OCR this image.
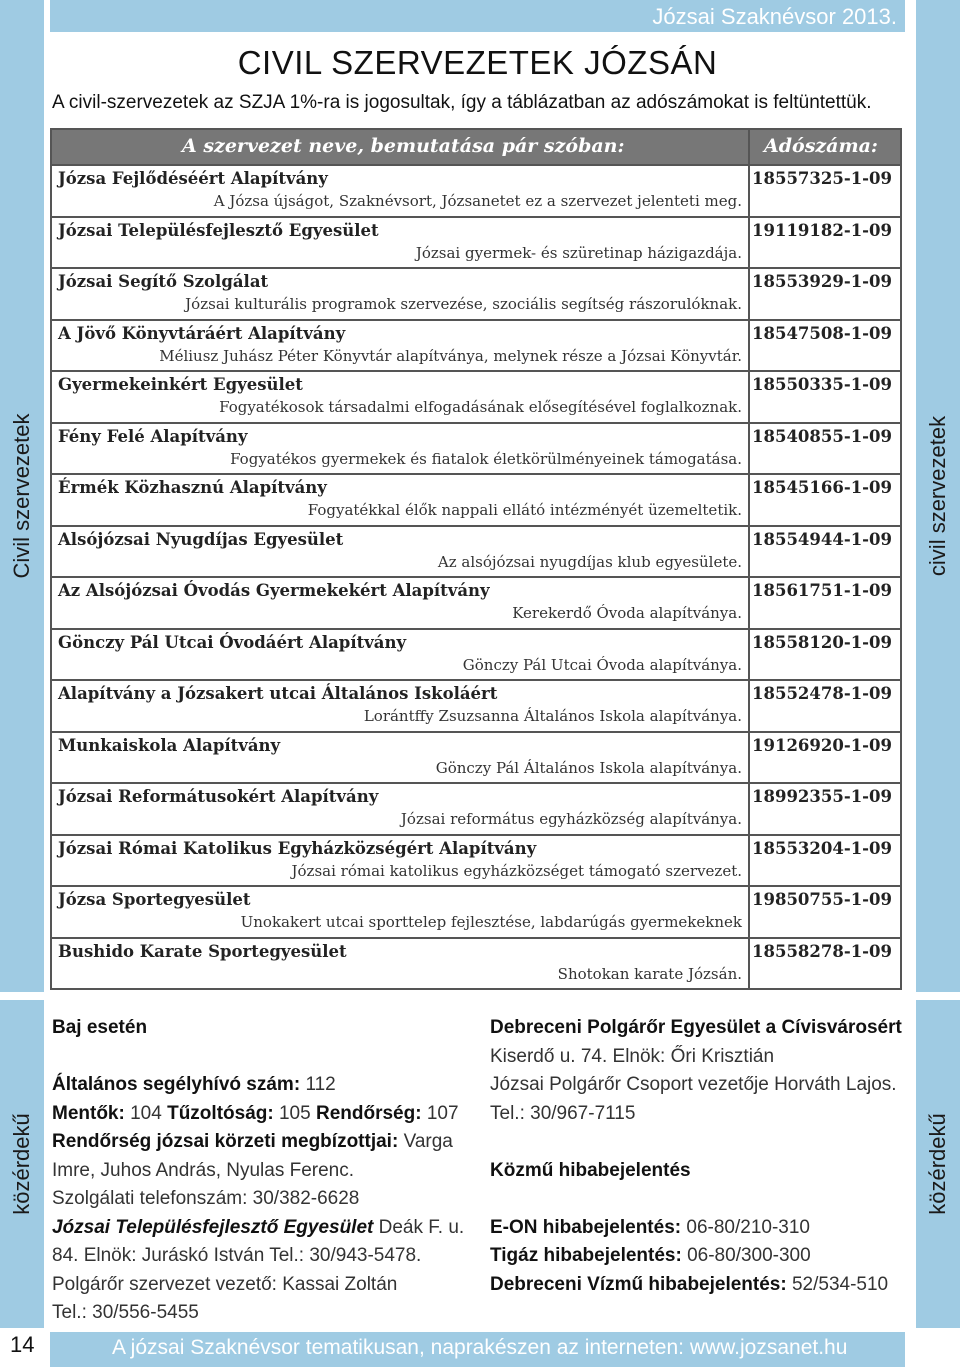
Civil szervezetek	civil szervezetek
közérdekű	közérdekű
Józsai Szaknévsor 2013.
CIVIL SZERVEZETEK JÓZSÁN

A civil-szervezetek az SZJA 1%-ra is jogosultak, így a táblázatban az adószámokat is feltüntettük.

A szervezet neve, bemutatása pár szóban:	Adószáma:
Józsa Fejlődéséért Alapítvány	18557325-1-09
A Józsa újságot, Szaknévsort, Józsanetet ez a szervezet jelenteti meg.
Józsai Településfejlesztő Egyesület	19119182-1-09
Józsai gyermek- és szüretinap házigazdája.
Józsai Segítő Szolgálat	18553929-1-09
Józsai kulturális programok szervezése, szociális segítség rászorulóknak.
A Jövő Könyvtáráért Alapítvány	18547508-1-09
Méliusz Juhász Péter Könyvtár alapítványa, melynek része a Józsai Könyvtár.
Gyermekeinkért Egyesület	18550335-1-09
Fogyatékosok társadalmi elfogadásának elősegítésével foglalkoznak.
Fény Felé Alapítvány	18540855-1-09
Fogyatékos gyermekek és fiatalok életkörülményeinek támogatása.
Érmék Közhasznú Alapítvány	18545166-1-09
Fogyatékkal élők nappali ellátó intézményét üzemeltetik.
Alsójózsai Nyugdíjas Egyesület	18554944-1-09
Az alsójózsai nyugdíjas klub egyesülete.
Az Alsójózsai Óvodás Gyermekekért Alapítvány	18561751-1-09
Kerekerdő Óvoda alapítványa.
Gönczy Pál Utcai Óvodáért Alapítvány	18558120-1-09
Gönczy Pál Utcai Óvoda alapítványa.
Alapítvány a Józsakert utcai Általános Iskoláért	18552478-1-09
Lorántffy Zsuzsanna Általános Iskola alapítványa.
Munkaiskola Alapítvány	19126920-1-09
Gönczy Pál Általános Iskola alapítványa.
Józsai Reformátusokért Alapítvány	18992355-1-09
Józsai református egyházközség alapítványa.
Józsai Római Katolikus Egyházközségért Alapítvány	18553204-1-09
Józsai római katolikus egyházközséget támogató szervezet.
Józsa Sportegyesület	19850755-1-09
Unokakert utcai sporttelep fejlesztése, labdarúgás gyermekeknek
Bushido Karate Sportegyesület	18558278-1-09
Shotokan karate Józsán.

Baj esetén

Általános segélyhívó szám: 112

Mentők: 104 Tűzoltóság: 105 Rendőrség: 107

Rendőrség józsai körzeti megbízottjai: Varga Imre, Juhos András, Nyulas Ferenc.

Szolgálati telefonszám: 30/382-6628

Józsai Településfejlesztő Egyesület Deák F. u. 84. Elnök: Juráskó István Tel.: 30/943-5478.

Polgárőr szervezet vezető: Kassai Zoltán

Tel.: 30/556-5455

Debreceni Polgárőr Egyesület a Cívisvárosért

Kiserdő u. 74. Elnök: Őri Krisztián

Józsai Polgárőr Csoport vezetője Horváth Lajos.

Tel.: 30/967-7115

Közmű hibabejelentés

E-ON hibabejelentés: 06-80/210-310

Tigáz hibabejelentés: 06-80/300-300

Debreceni Vízmű hibabejelentés: 52/534-510

14	A józsai Szaknévsor tematikusan, naprakészen az interneten: www.jozsanet.hu
